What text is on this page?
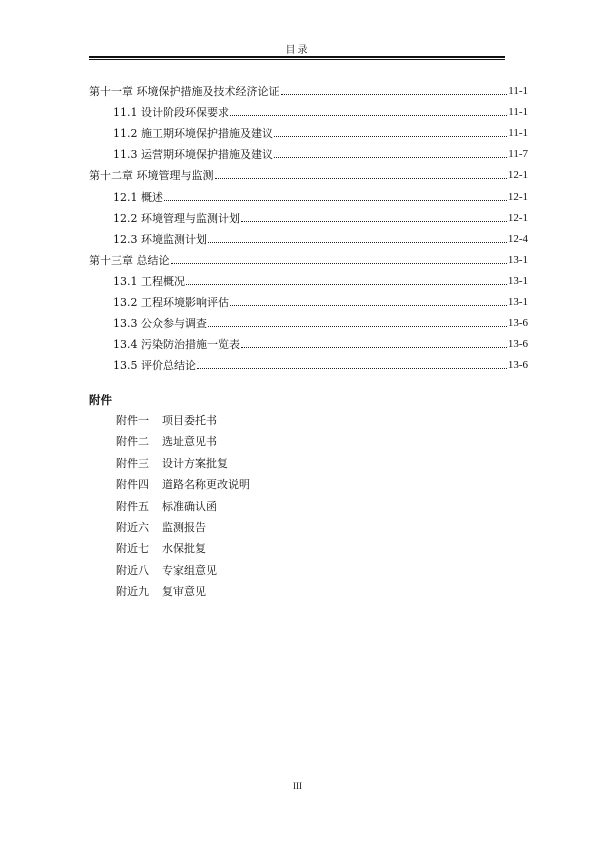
目录
第十一章 环境保护措施及技术经济论证	11-1
11.1 设计阶段环保要求	11-1
11.2 施工期环境保护措施及建议	11-1
11.3 运营期环境保护措施及建议	11-7
第十二章 环境管理与监测	12-1
12.1 概述	12-1
12.2 环境管理与监测计划	12-1
12.3 环境监测计划	12-4
第十三章 总结论	13-1
13.1 工程概况	13-1
13.2 工程环境影响评估	13-1
13.3 公众参与调查	13-6
13.4 污染防治措施一览表	13-6
13.5 评价总结论	13-6
附件
附件一 项目委托书
附件二 选址意见书
附件三 设计方案批复
附件四 道路名称更改说明
附件五 标准确认函
附近六 监测报告
附近七 水保批复
附近八 专家组意见
附近九 复审意见
III
